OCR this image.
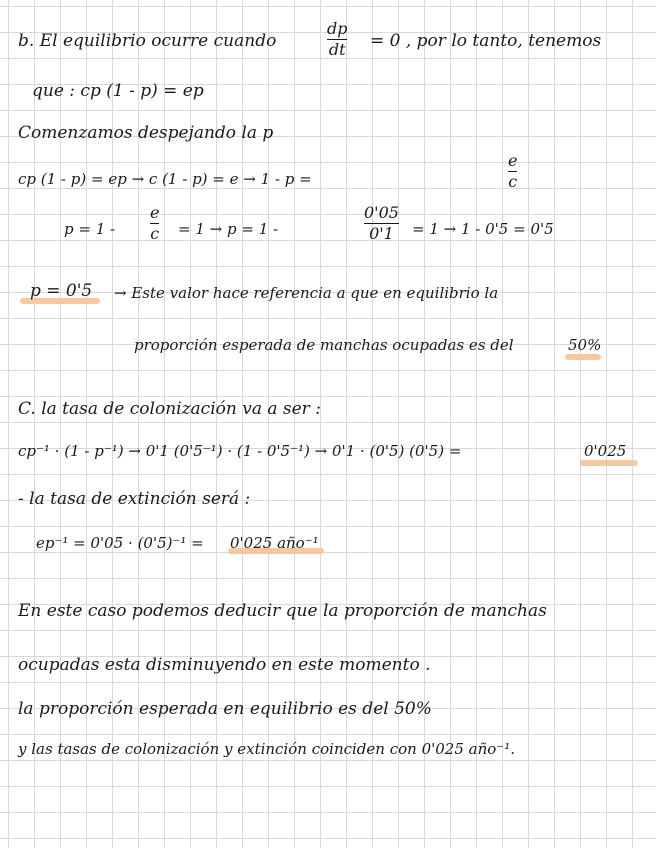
b. El equilibrio ocurre cuando
dp
dt = 0 , por lo tanto, tenemos
que : cp (1 - p) = ep
Comenzamos despejando la p
cp (1 - p) = ep → c (1 - p) = e → 1 - p =
e
c
p = 1 -
e
c = 1 → p = 1 -
0'05
0'1 = 1 → 1 - 0'5 = 0'5
p = 0'5 → Este valor hace referencia a que en equilibrio la
proporción esperada de manchas ocupadas es del	50%
C. la tasa de colonización va a ser :
cp⁻¹ · (1 - p⁻¹) → 0'1 (0'5⁻¹) · (1 - 0'5⁻¹) → 0'1 · (0'5) (0'5) =	0'025
- la tasa de extinción será :
ep⁻¹ = 0'05 · (0'5)⁻¹ = 0'025 año⁻¹
En este caso podemos deducir que la proporción de manchas
ocupadas esta disminuyendo en este momento .
la proporción esperada en equilibrio es del 50%
y las tasas de colonización y extinción coinciden con 0'025 año⁻¹.
